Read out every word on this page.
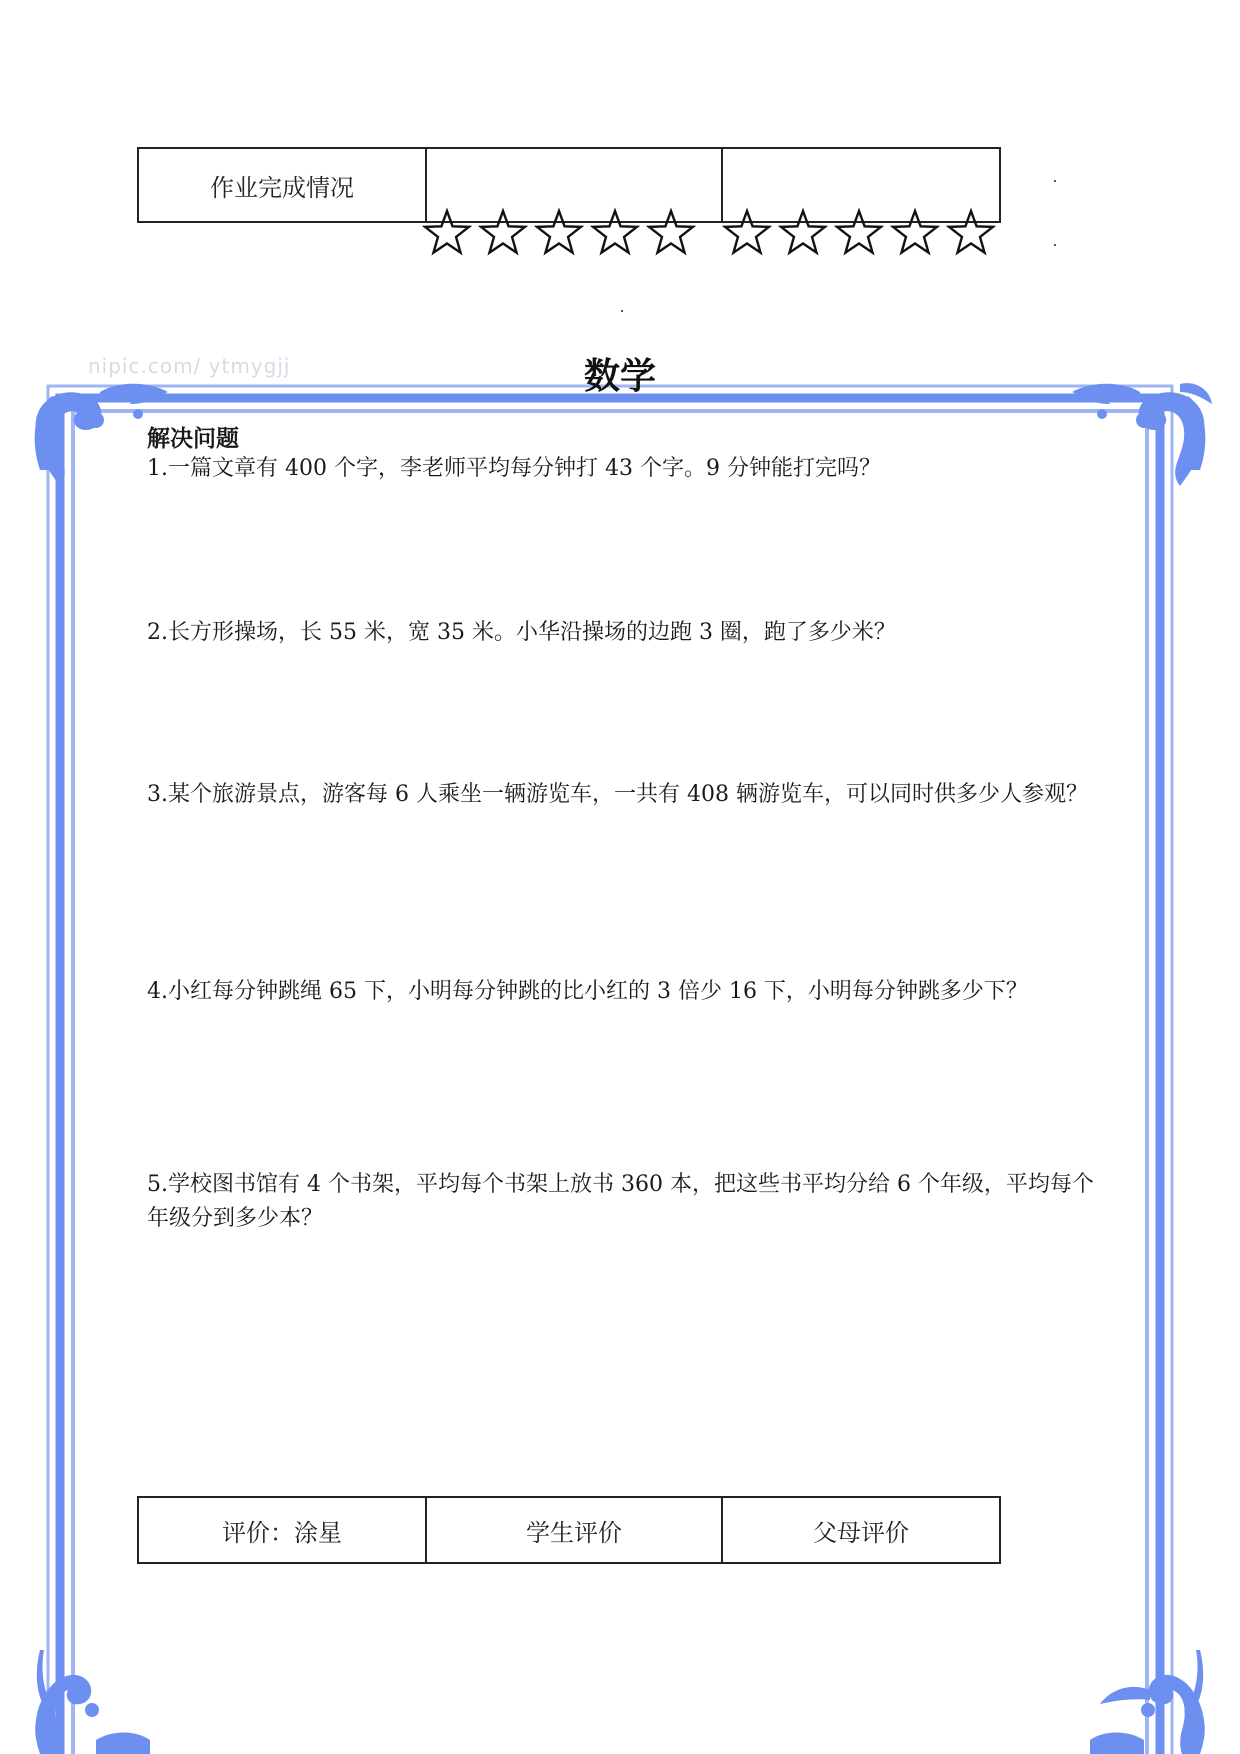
作业完成情况		
nipic.com/ ytmygjj	数学
解决问题

1.一篇文章有 400 个字，李老师平均每分钟打 43 个字。9 分钟能打完吗？

2.长方形操场，长 55 米，宽 35 米。小华沿操场的边跑 3 圈，跑了多少米？

3.某个旅游景点，游客每 6 人乘坐一辆游览车，一共有 408 辆游览车，可以同时供多少人参观？

4.小红每分钟跳绳 65 下，小明每分钟跳的比小红的 3 倍少 16 下，小明每分钟跳多少下？

5.学校图书馆有 4 个书架，平均每个书架上放书 360 本，把这些书平均分给 6 个年级，平均每个年级分到多少本？

评价：涂星	学生评价	父母评价
